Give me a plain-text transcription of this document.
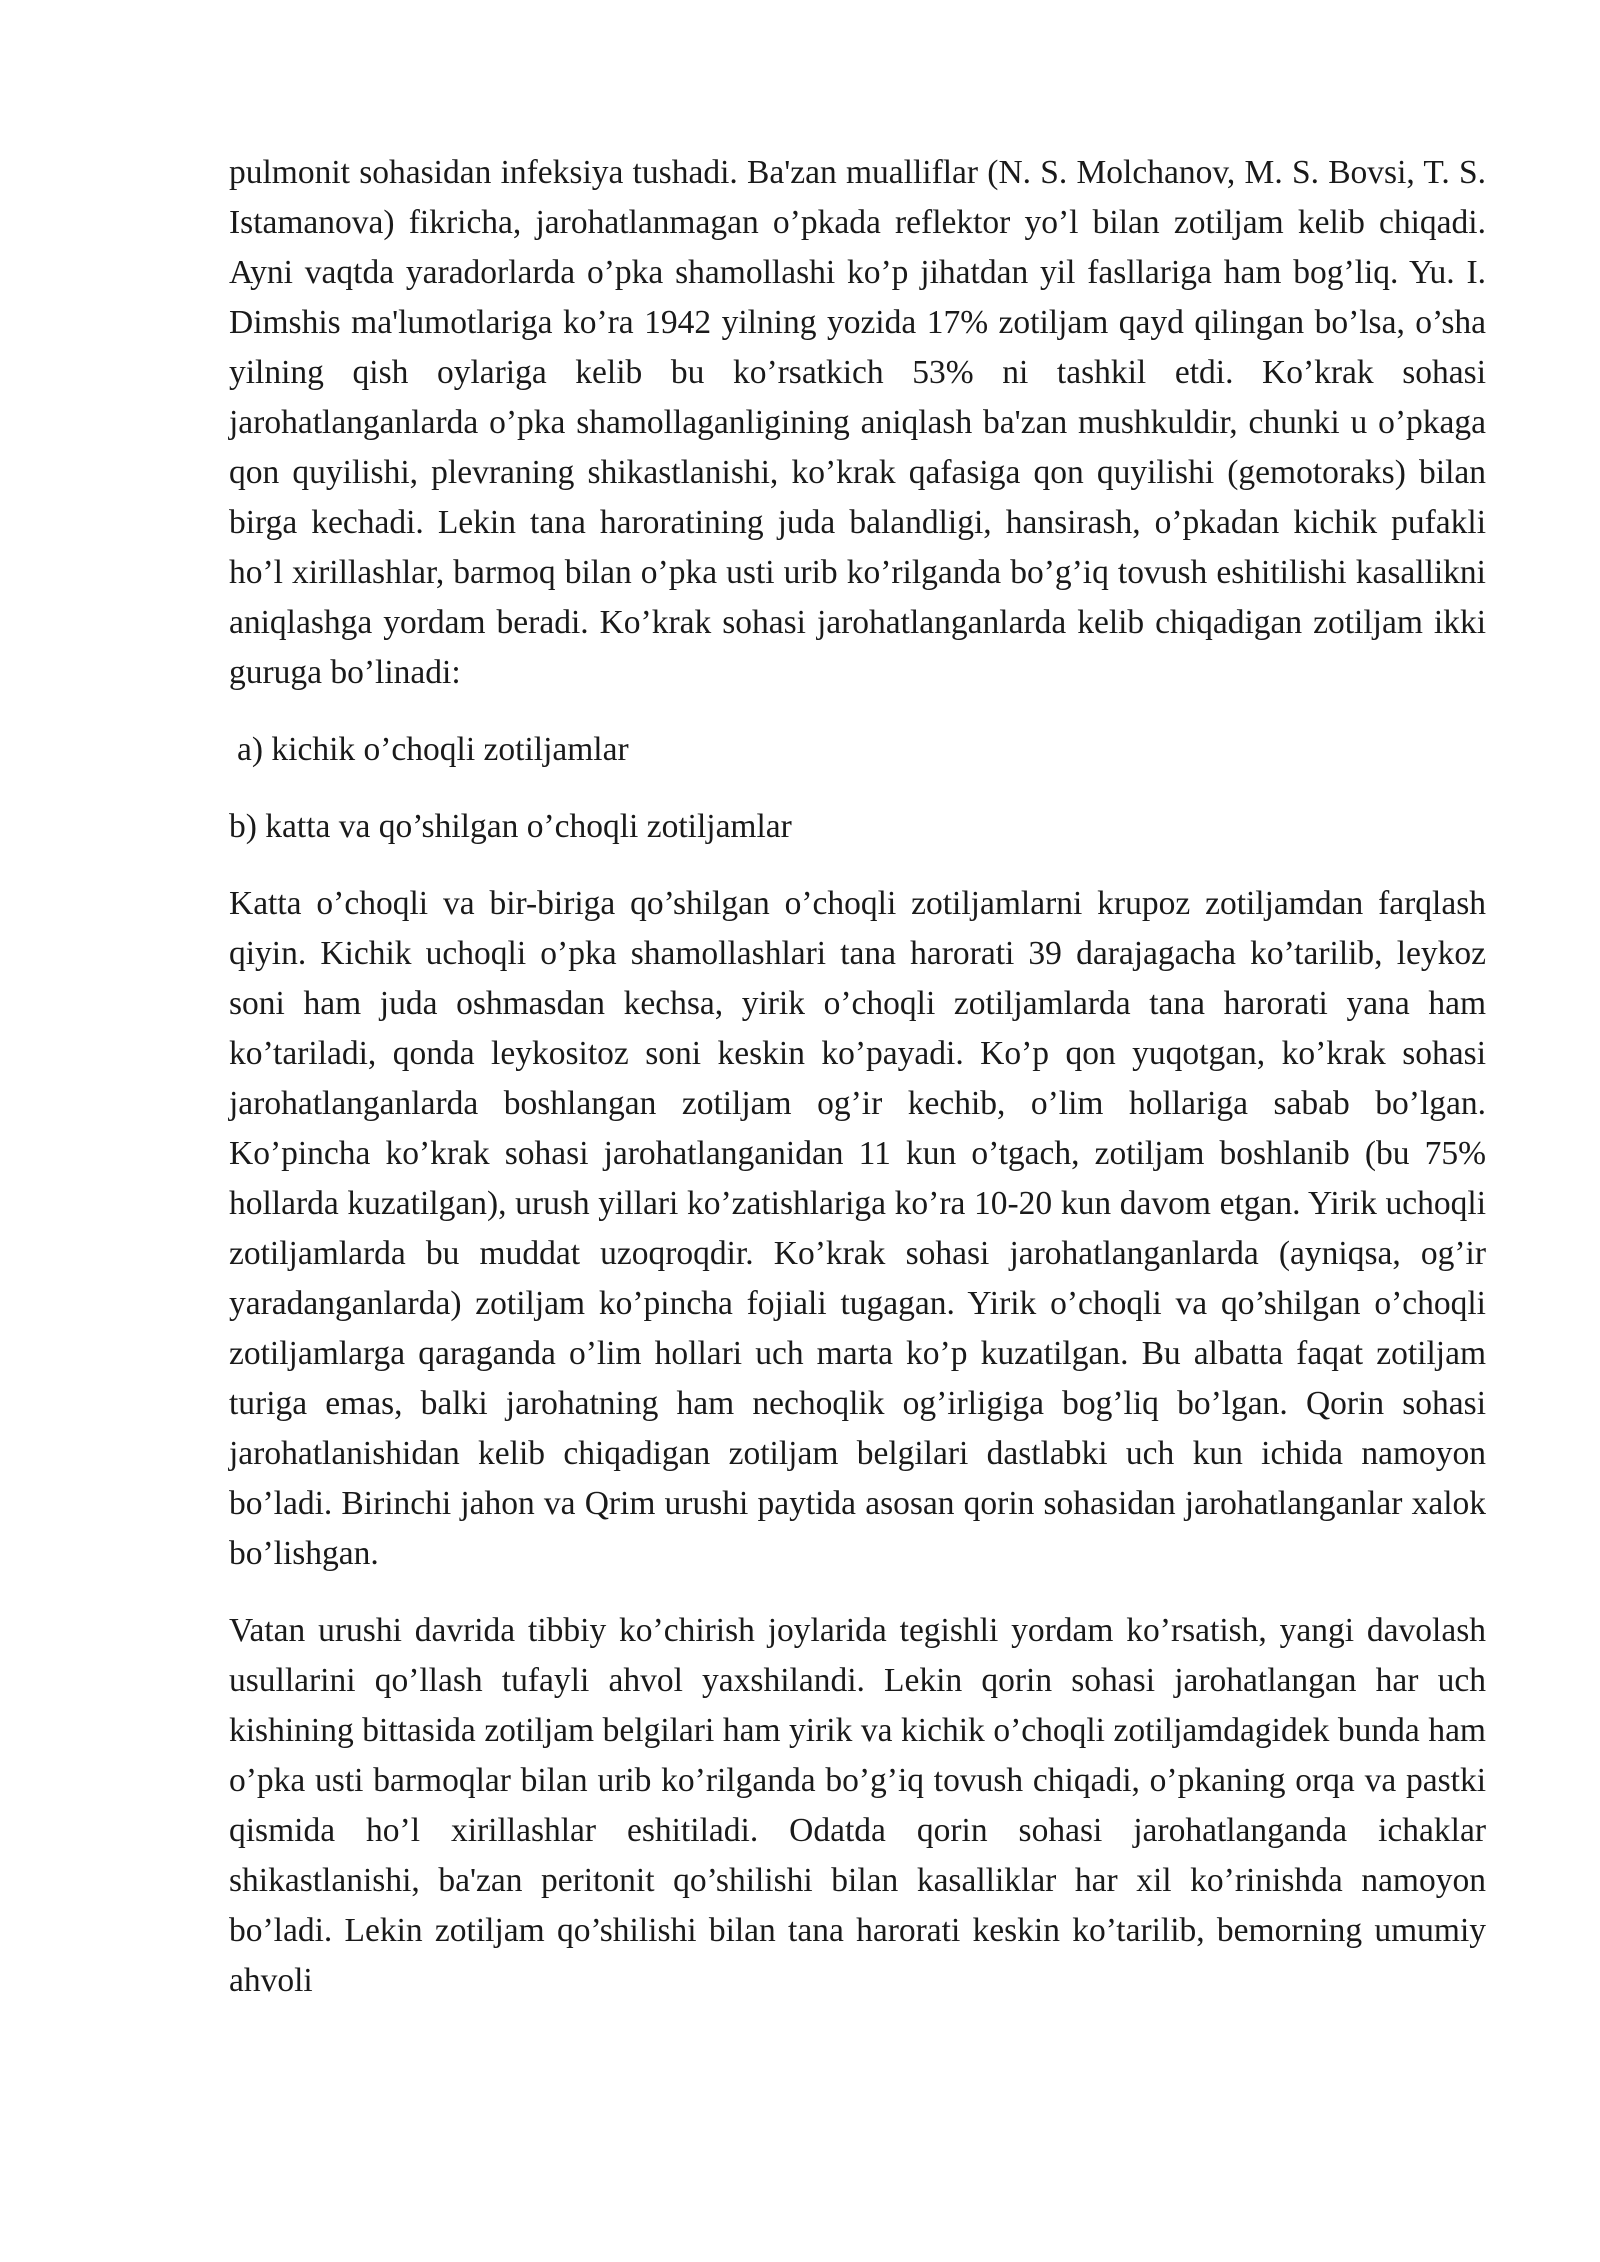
pulmonit sohasidan infeksiya tushadi. Ba'zan mualliflar (N. S. Molchanov, M. S. Bovsi, T. S. Istamanova) fikricha, jarohatlanmagan o’pkada reflektor yo’l bilan zotiljam kelib chiqadi. Ayni vaqtda yaradorlarda o’pka shamollashi ko’p jihatdan yil fasllariga ham bog’liq. Yu. I. Dimshis ma'lumotlariga ko’ra 1942 yilning yozida 17% zotiljam qayd qilingan bo’lsa, o’sha yilning qish oylariga kelib bu ko’rsatkich 53% ni tashkil etdi. Ko’krak sohasi jarohatlanganlarda o’pka shamollaganligining aniqlash ba'zan mushkuldir, chunki u o’pkaga qon quyilishi, plevraning shikastlanishi, ko’krak qafasiga qon quyilishi (gemotoraks) bilan birga kechadi. Lekin tana haroratining juda balandligi, hansirash, o’pkadan kichik pufakli ho’l xirillashlar, barmoq bilan o’pka usti urib ko’rilganda bo’g’iq tovush eshitilishi kasallikni aniqlashga yordam beradi. Ko’krak sohasi jarohatlanganlarda kelib chiqadigan zotiljam ikki guruga bo’linadi:

a) kichik o’choqli zotiljamlar

b) katta va qo’shilgan o’choqli zotiljamlar

Katta o’choqli va bir-biriga qo’shilgan o’choqli zotiljamlarni krupoz zotiljamdan farqlash qiyin. Kichik uchoqli o’pka shamollashlari tana harorati 39 darajagacha ko’tarilib, leykoz soni ham juda oshmasdan kechsa, yirik o’choqli zotiljamlarda tana harorati yana ham ko’tariladi, qonda leykositoz soni keskin ko’payadi. Ko’p qon yuqotgan, ko’krak sohasi jarohatlanganlarda boshlangan zotiljam og’ir kechib, o’lim hollariga sabab bo’lgan. Ko’pincha ko’krak sohasi jarohatlanganidan 11 kun o’tgach, zotiljam boshlanib (bu 75% hollarda kuzatilgan), urush yillari ko’zatishlariga ko’ra 10-20 kun davom etgan. Yirik uchoqli zotiljamlarda bu muddat uzoqroqdir. Ko’krak sohasi jarohatlanganlarda (ayniqsa, og’ir yaradanganlarda) zotiljam ko’pincha fojiali tugagan. Yirik o’choqli va qo’shilgan o’choqli zotiljamlarga qaraganda o’lim hollari uch marta ko’p kuzatilgan. Bu albatta faqat zotiljam turiga emas, balki jarohatning ham nechoqlik og’irligiga bog’liq bo’lgan. Qorin sohasi jarohatlanishidan kelib chiqadigan zotiljam belgilari dastlabki uch kun ichida namoyon bo’ladi. Birinchi jahon va Qrim urushi paytida asosan qorin sohasidan jarohatlanganlar xalok bo’lishgan.

Vatan urushi davrida tibbiy ko’chirish joylarida tegishli yordam ko’rsatish, yangi davolash usullarini qo’llash tufayli ahvol yaxshilandi. Lekin qorin sohasi jarohatlangan har uch kishining bittasida zotiljam belgilari ham yirik va kichik o’choqli zotiljamdagidek bunda ham o’pka usti barmoqlar bilan urib ko’rilganda bo’g’iq tovush chiqadi, o’pkaning orqa va pastki qismida ho’l xirillashlar eshitiladi. Odatda qorin sohasi jarohatlanganda ichaklar shikastlanishi, ba'zan peritonit qo’shilishi bilan kasalliklar har xil ko’rinishda namoyon bo’ladi. Lekin zotiljam qo’shilishi bilan tana harorati keskin ko’tarilib, bemorning umumiy ahvoli
